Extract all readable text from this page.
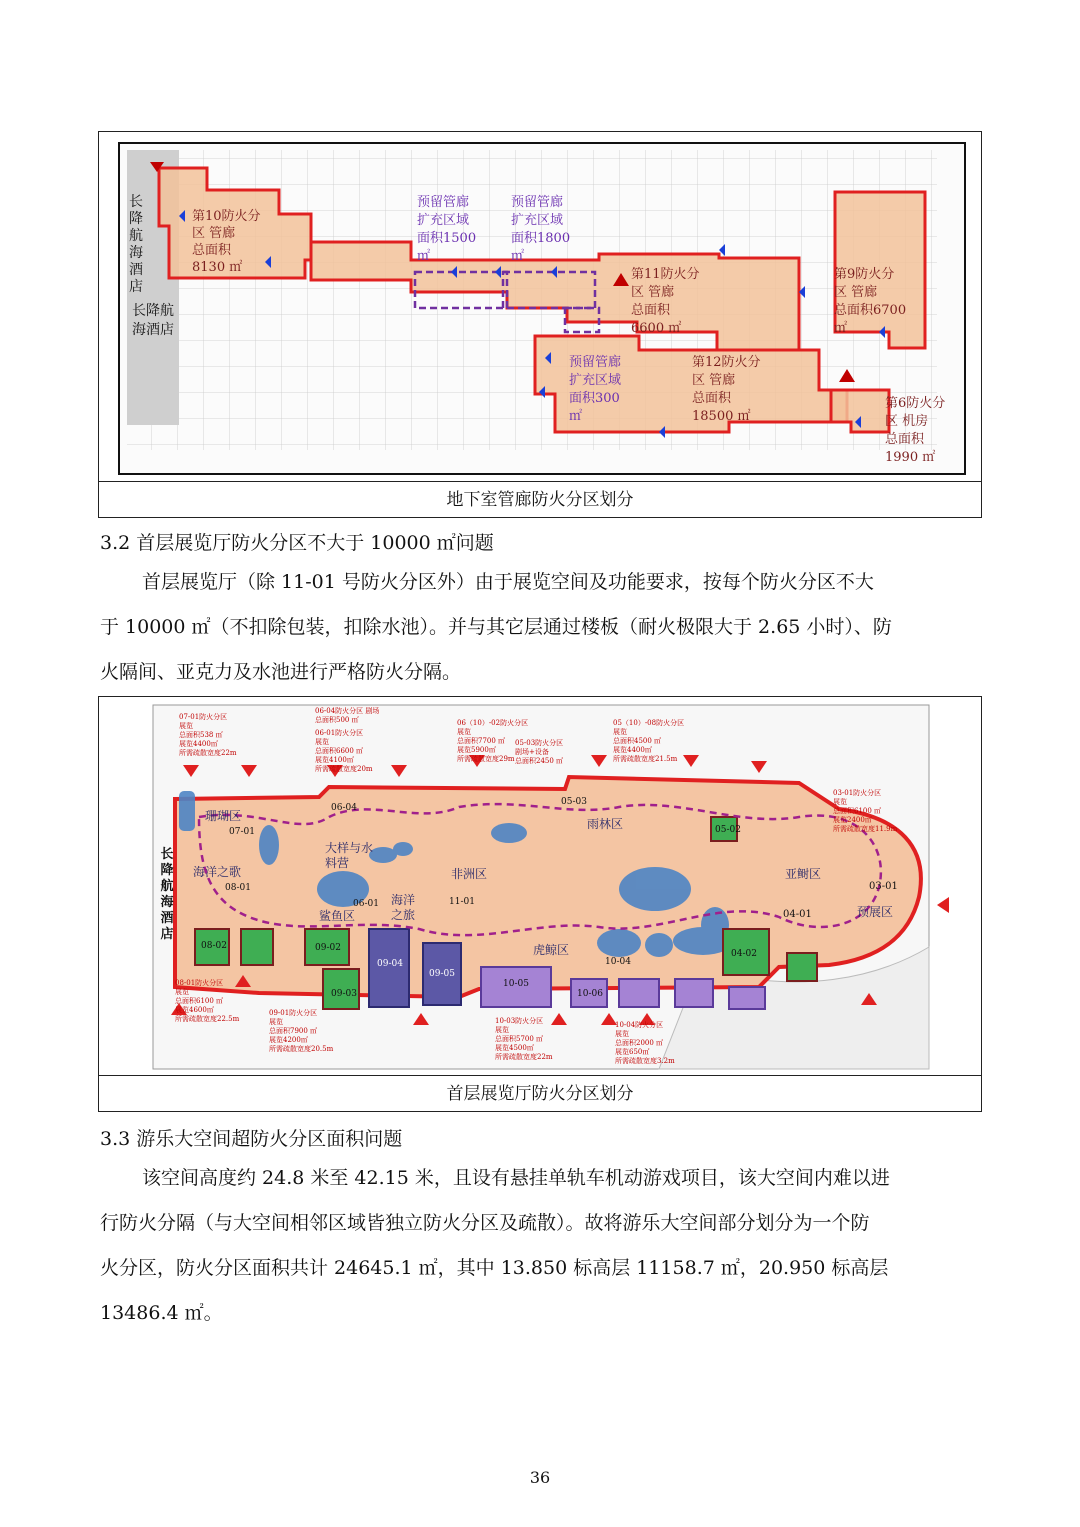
长降航海酒店
长降航
海酒店
第10防火分
区 管廊
总面积
8130 ㎡
预留管廊
扩充区域
面积1500
㎡
预留管廊
扩充区域
面积1800
㎡
第11防火分
区 管廊
总面积
6600 ㎡
第9防火分
区 管廊
总面积6700
㎡
预留管廊
扩充区域
面积300
㎡
第12防火分
区 管廊
总面积
18500 ㎡
第6防火分
区 机房
总面积
1990 ㎡
地下室管廊防火分区划分
3.2 首层展览厅防火分区不大于 10000 ㎡问题
首层展览厅（除 11-01 号防火分区外）由于展览空间及功能要求，按每个防火分区不大
于 10000 ㎡（不扣除包装，扣除水池）。并与其它层通过楼板（耐火极限大于 2.65 小时）、防
火隔间、亚克力及水池进行严格防火分隔。
长降航海酒店
珊瑚区
海洋之歌
大样与水料营
鲨鱼区
海洋之旅
非洲区
雨林区
虎鲸区
亚鲥区
预展区
07-01
08-01
06-04
06-01	11-01
05-03
05-02
04-01
03-01
08-02	09-02
09-03
09-04
09-05
10-05
10-06
10-04
04-02
07-01防火分区
展览
总面积538 ㎡
展览4400㎡
所需疏散宽度22m
06-04防火分区 剧场
总面积500 ㎡
06-01防火分区
展览
总面积6600 ㎡
展览4100㎡
所需疏散宽度20m
06（10）-02防火分区
展览
总面积7700 ㎡
展览5900㎡
所需疏散宽度29m
05-03防火分区
剧场+设备
总面积2450 ㎡
05（10）-08防火分区
展览
总面积4500 ㎡
展览4400㎡
所需疏散宽度21.5m
03-01防火分区
展览
总面积6100 ㎡
展览2400㎡
所需疏散宽度11.9m
08-01防火分区
展览
总面积6100 ㎡
展览4600㎡
所需疏散宽度22.5m
09-01防火分区
展览
总面积7900 ㎡
展览4200㎡
所需疏散宽度20.5m
10-03防火分区
展览
总面积5700 ㎡
展览4500㎡
所需疏散宽度22m
10-04防火分区
展览
总面积2000 ㎡
展览650㎡
所需疏散宽度3.2m
首层展览厅防火分区划分
3.3 游乐大空间超防火分区面积问题
该空间高度约 24.8 米至 42.15 米，且设有悬挂单轨车机动游戏项目，该大空间内难以进
行防火分隔（与大空间相邻区域皆独立防火分区及疏散）。故将游乐大空间部分划分为一个防
火分区，防火分区面积共计 24645.1 ㎡，其中 13.850 标高层 11158.7 ㎡，20.950 标高层
13486.4 ㎡。
36
